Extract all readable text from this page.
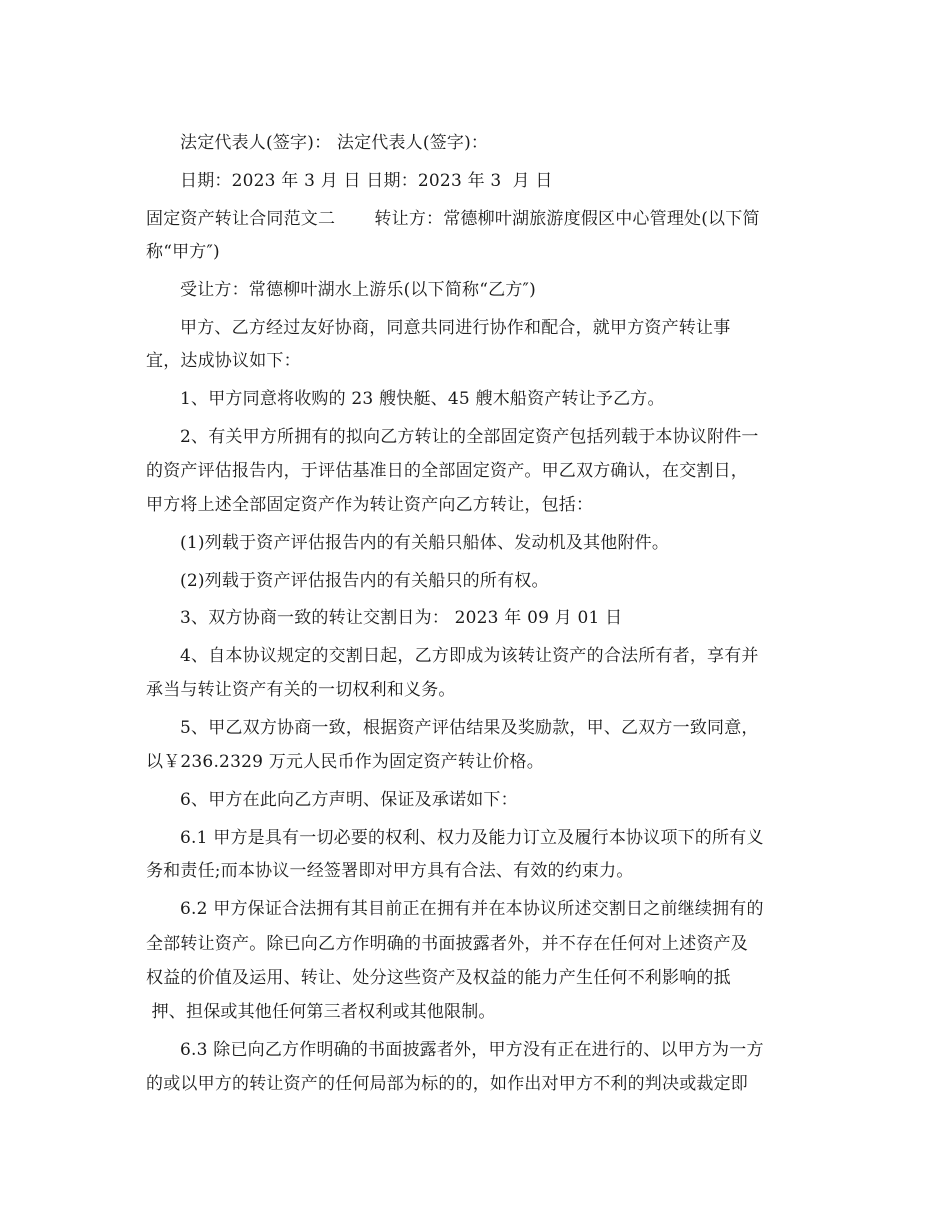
法定代表人(签字)： 法定代表人(签字)：
日期：2023 年 3 月 日 日期：2023 年 3  月 日
固定资产转让合同范文二       转让方：常德柳叶湖旅游度假区中心管理处(以下简
称“甲方″)
受让方：常德柳叶湖水上游乐(以下简称“乙方″)
甲方、乙方经过友好协商，同意共同进行协作和配合，就甲方资产转让事
宜，达成协议如下：
1、甲方同意将收购的 23 艘快艇、45 艘木船资产转让予乙方。
2、有关甲方所拥有的拟向乙方转让的全部固定资产包括列载于本协议附件一
的资产评估报告内，于评估基准日的全部固定资产。甲乙双方确认，在交割日，
甲方将上述全部固定资产作为转让资产向乙方转让，包括：
(1)列载于资产评估报告内的有关船只船体、发动机及其他附件。
(2)列载于资产评估报告内的有关船只的所有权。
3、双方协商一致的转让交割日为： 2023 年 09 月 01 日
4、自本协议规定的交割日起，乙方即成为该转让资产的合法所有者，享有并
承当与转让资产有关的一切权利和义务。
5、甲乙双方协商一致，根据资产评估结果及奖励款，甲、乙双方一致同意，
以￥236.2329 万元人民币作为固定资产转让价格。
6、甲方在此向乙方声明、保证及承诺如下：
6.1 甲方是具有一切必要的权利、权力及能力订立及履行本协议项下的所有义
务和责任;而本协议一经签署即对甲方具有合法、有效的约束力。
6.2 甲方保证合法拥有其目前正在拥有并在本协议所述交割日之前继续拥有的
全部转让资产。除已向乙方作明确的书面披露者外，并不存在任何对上述资产及
权益的价值及运用、转让、处分这些资产及权益的能力产生任何不利影响的抵
押、担保或其他任何第三者权利或其他限制。
6.3 除已向乙方作明确的书面披露者外，甲方没有正在进行的、以甲方为一方
的或以甲方的转让资产的任何局部为标的的，如作出对甲方不利的判决或裁定即
